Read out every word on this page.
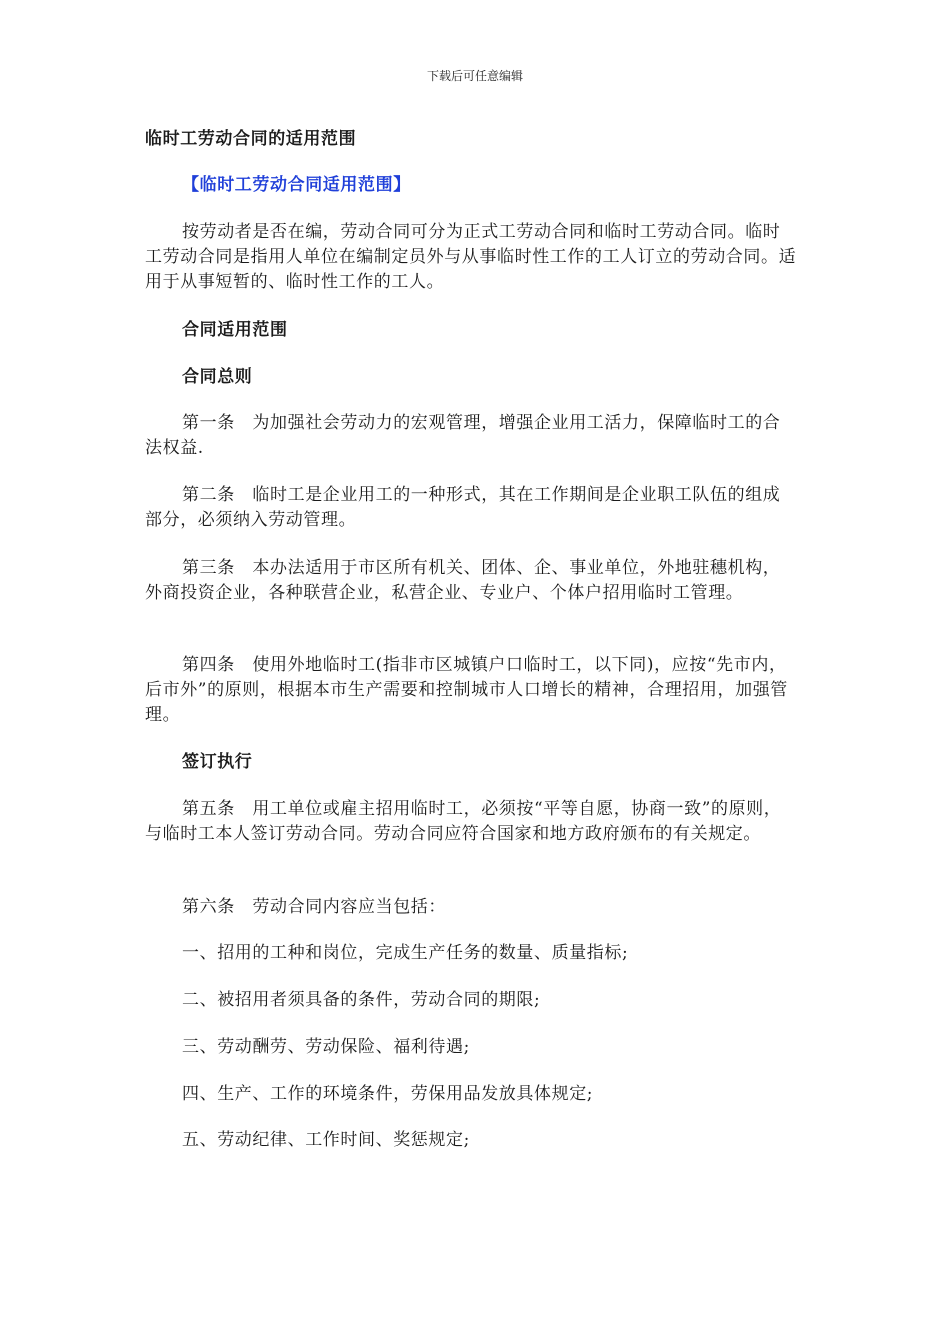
下载后可任意编辑
临时工劳动合同的适用范围
【临时工劳动合同适用范围】
按劳动者是否在编，劳动合同可分为正式工劳动合同和临时工劳动合同。临时工劳动合同是指用人单位在编制定员外与从事临时性工作的工人订立的劳动合同。适用于从事短暂的、临时性工作的工人。
合同适用范围
合同总则
第一条　为加强社会劳动力的宏观管理，增强企业用工活力，保障临时工的合法权益.
第二条　临时工是企业用工的一种形式，其在工作期间是企业职工队伍的组成部分，必须纳入劳动管理。
第三条　本办法适用于市区所有机关、团体、企、事业单位，外地驻穗机构，外商投资企业，各种联营企业，私营企业、专业户、个体户招用临时工管理。
第四条　使用外地临时工(指非市区城镇户口临时工，以下同)，应按“先市内，后市外”的原则，根据本市生产需要和控制城市人口增长的精神，合理招用，加强管理。
签订执行
第五条　用工单位或雇主招用临时工，必须按“平等自愿，协商一致”的原则，与临时工本人签订劳动合同。劳动合同应符合国家和地方政府颁布的有关规定。
第六条　劳动合同内容应当包括：
一、招用的工种和岗位，完成生产任务的数量、质量指标;
二、被招用者须具备的条件，劳动合同的期限;
三、劳动酬劳、劳动保险、福利待遇;
四、生产、工作的环境条件，劳保用品发放具体规定;
五、劳动纪律、工作时间、奖惩规定;
